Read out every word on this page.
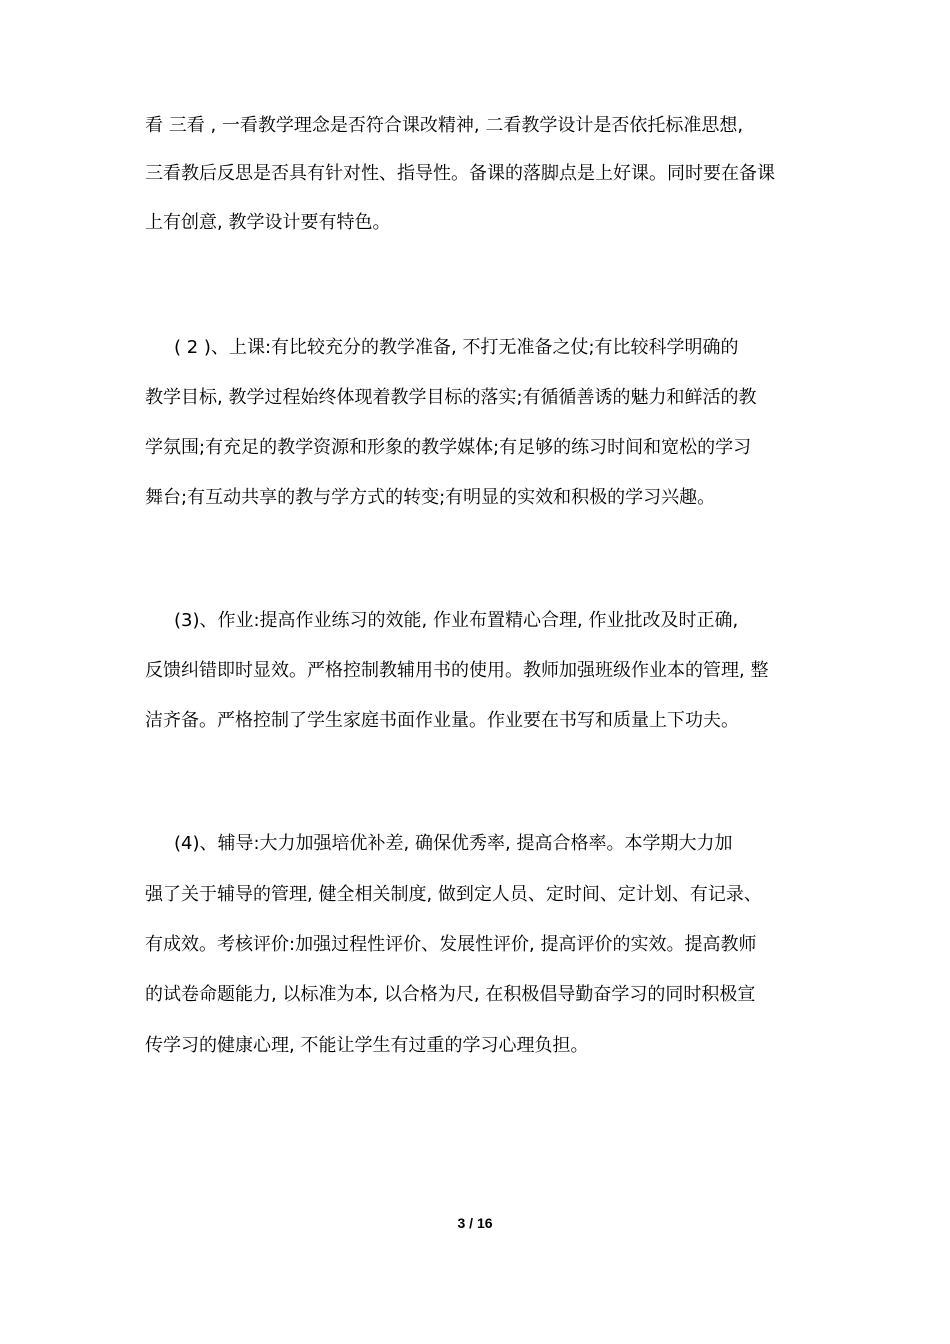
看 三看 , 一看教学理念是否符合课改精神, 二看教学设计是否依托标准思想,
三看教后反思是否具有针对性、指导性。备课的落脚点是上好课。同时要在备课
上有创意, 教学设计要有特色。
( 2 )、上课:有比较充分的教学准备, 不打无准备之仗;有比较科学明确的
教学目标, 教学过程始终体现着教学目标的落实;有循循善诱的魅力和鲜活的教
学氛围;有充足的教学资源和形象的教学媒体;有足够的练习时间和宽松的学习
舞台;有互动共享的教与学方式的转变;有明显的实效和积极的学习兴趣。
(3)、作业:提高作业练习的效能, 作业布置精心合理, 作业批改及时正确,
反馈纠错即时显效。严格控制教辅用书的使用。教师加强班级作业本的管理, 整
洁齐备。严格控制了学生家庭书面作业量。作业要在书写和质量上下功夫。
(4)、辅导:大力加强培优补差, 确保优秀率, 提高合格率。本学期大力加
强了关于辅导的管理, 健全相关制度, 做到定人员、定时间、定计划、有记录、
有成效。考核评价:加强过程性评价、发展性评价, 提高评价的实效。提高教师
的试卷命题能力, 以标准为本, 以合格为尺, 在积极倡导勤奋学习的同时积极宣
传学习的健康心理, 不能让学生有过重的学习心理负担。
3 / 16
